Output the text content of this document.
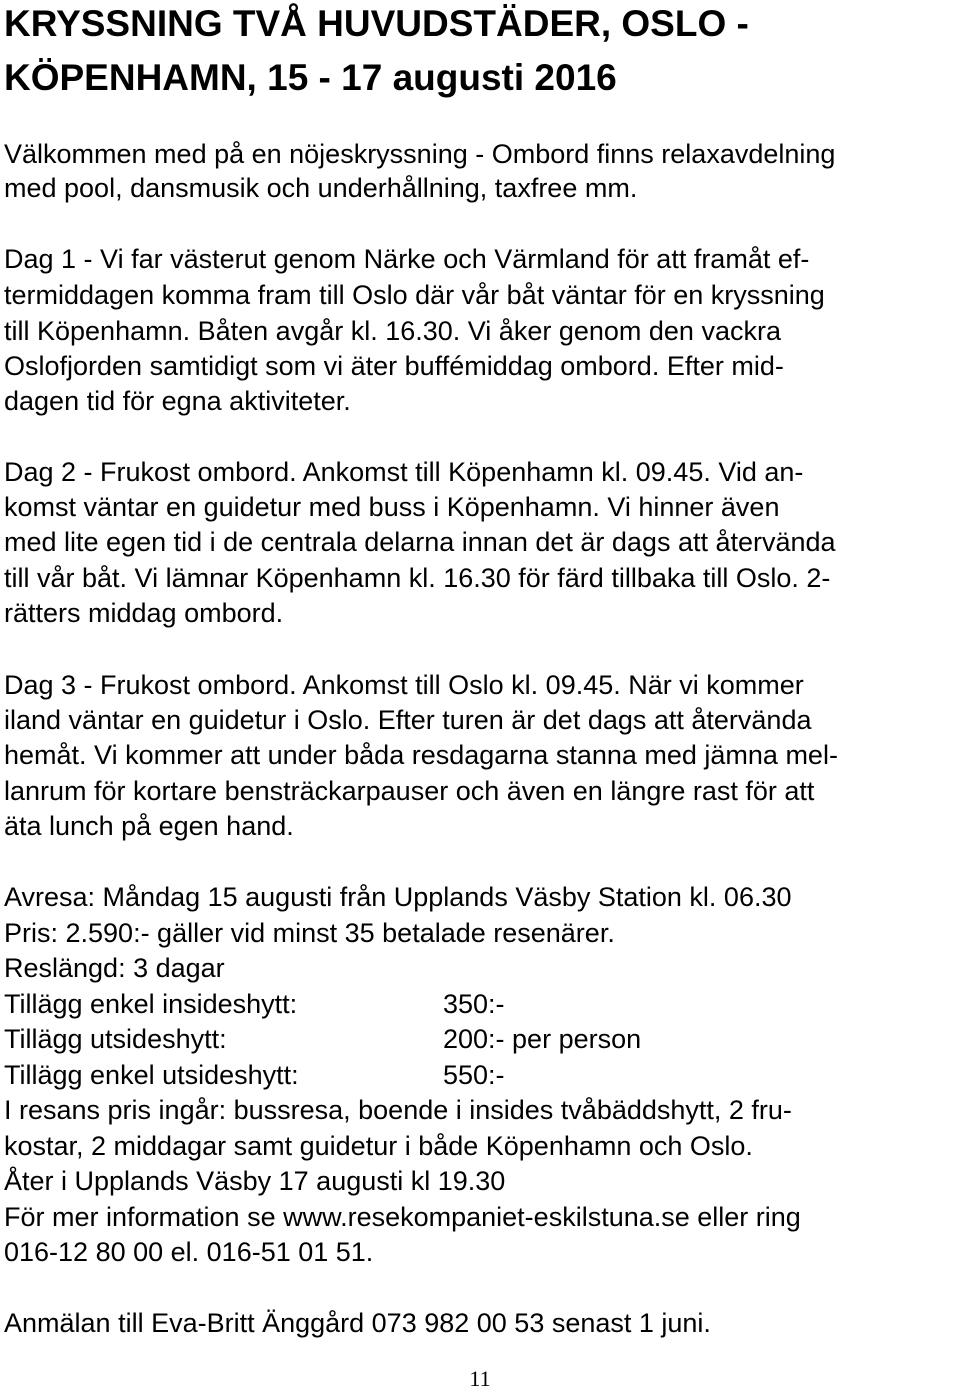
KRYSSNING TVÅ HUVUDSTÄDER, OSLO -
KÖPENHAMN, 15 - 17 augusti 2016
Välkommen med på en nöjeskryssning - Ombord finns relaxavdelning
med pool, dansmusik och underhållning, taxfree mm.
Dag 1 - Vi far västerut genom Närke och Värmland för att framåt ef-
termiddagen komma fram till Oslo där vår båt väntar för en kryssning
till Köpenhamn. Båten avgår kl. 16.30. Vi åker genom den vackra
Oslofjorden samtidigt som vi äter buffémiddag ombord. Efter mid-
dagen tid för egna aktiviteter.
Dag 2 - Frukost ombord. Ankomst till Köpenhamn kl. 09.45. Vid an-
komst väntar en guidetur med buss i Köpenhamn. Vi hinner även
med lite egen tid i de centrala delarna innan det är dags att återvända
till vår båt. Vi lämnar Köpenhamn kl. 16.30 för färd tillbaka till Oslo. 2-
rätters middag ombord.
Dag 3 - Frukost ombord. Ankomst till Oslo kl. 09.45. När vi kommer
iland väntar en guidetur i Oslo. Efter turen är det dags att återvända
hemåt. Vi kommer att under båda resdagarna stanna med jämna mel-
lanrum för kortare bensträckarpauser och även en längre rast för att
äta lunch på egen hand.
Avresa: Måndag 15 augusti från Upplands Väsby Station kl. 06.30
Pris: 2.590:- gäller vid minst 35 betalade resenärer.
Reslängd: 3 dagar
Tillägg enkel insideshytt:	350:-
Tillägg utsideshytt:	200:- per person
Tillägg enkel utsideshytt:	550:-
I resans pris ingår: bussresa, boende i insides tvåbäddshytt, 2 fru-
kostar, 2 middagar samt guidetur i både Köpenhamn och Oslo.
Åter i Upplands Väsby 17 augusti kl 19.30
För mer information se www.resekompaniet-eskilstuna.se eller ring
016-12 80 00 el. 016-51 01 51.
Anmälan till Eva-Britt Änggård 073 982 00 53 senast 1 juni.
11
